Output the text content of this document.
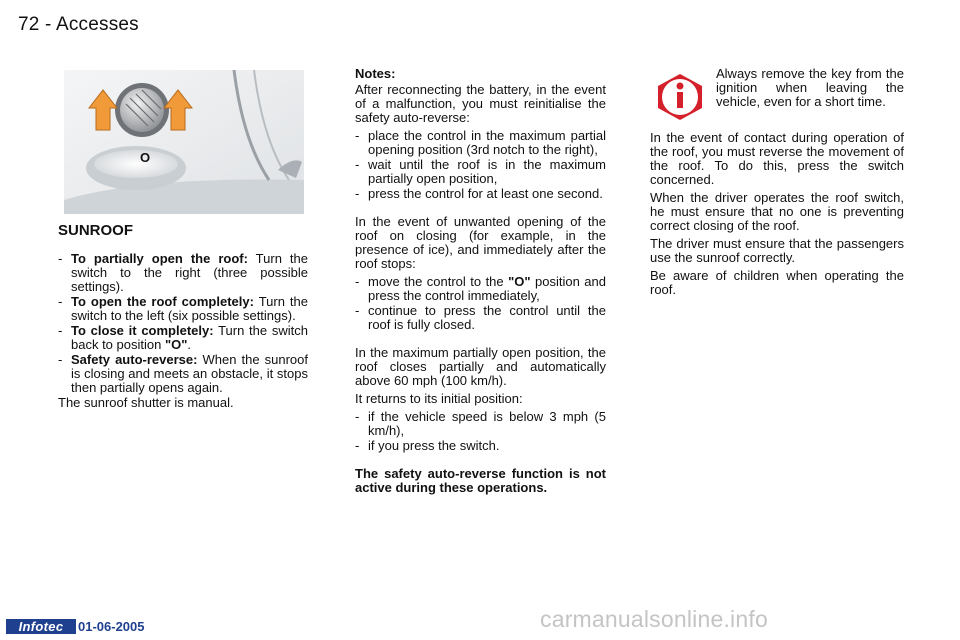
72 - Accesses
O
SUNROOF
- To partially open the roof: Turn the switch to the right (three possible settings).
- To open the roof completely: Turn the switch to the left (six possible settings).
- To close it completely: Turn the switch back to position "O".
- Safety auto-reverse: When the sunroof is closing and meets an obstacle, it stops then partially opens again.
The sunroof shutter is manual.
Notes:
After reconnecting the battery, in the event of a malfunction, you must reinitialise the safety auto-reverse:
- place the control in the maximum partial opening position (3rd notch to the right),
- wait until the roof is in the maximum partially open position,
- press the control for at least one second.
In the event of unwanted opening of the roof on closing (for example, in the presence of ice), and immediately after the roof stops:
- move the control to the "O" position and press the control immediately,
- continue to press the control until the roof is fully closed.
In the maximum partially open position, the roof closes partially and automatically above 60 mph (100 km/h).
It returns to its initial position:
- if the vehicle speed is below 3 mph (5 km/h),
- if you press the switch.
The safety auto-reverse function is not active during these operations.
Always remove the key from the ignition when leaving the vehicle, even for a short time.
In the event of contact during operation of the roof, you must reverse the movement of the roof. To do this, press the switch concerned.
When the driver operates the roof switch, he must ensure that no one is preventing correct closing of the roof.
The driver must ensure that the passengers use the sunroof correctly.
Be aware of children when operating the roof.
Infotec	01-06-2005	carmanualsonline.info
